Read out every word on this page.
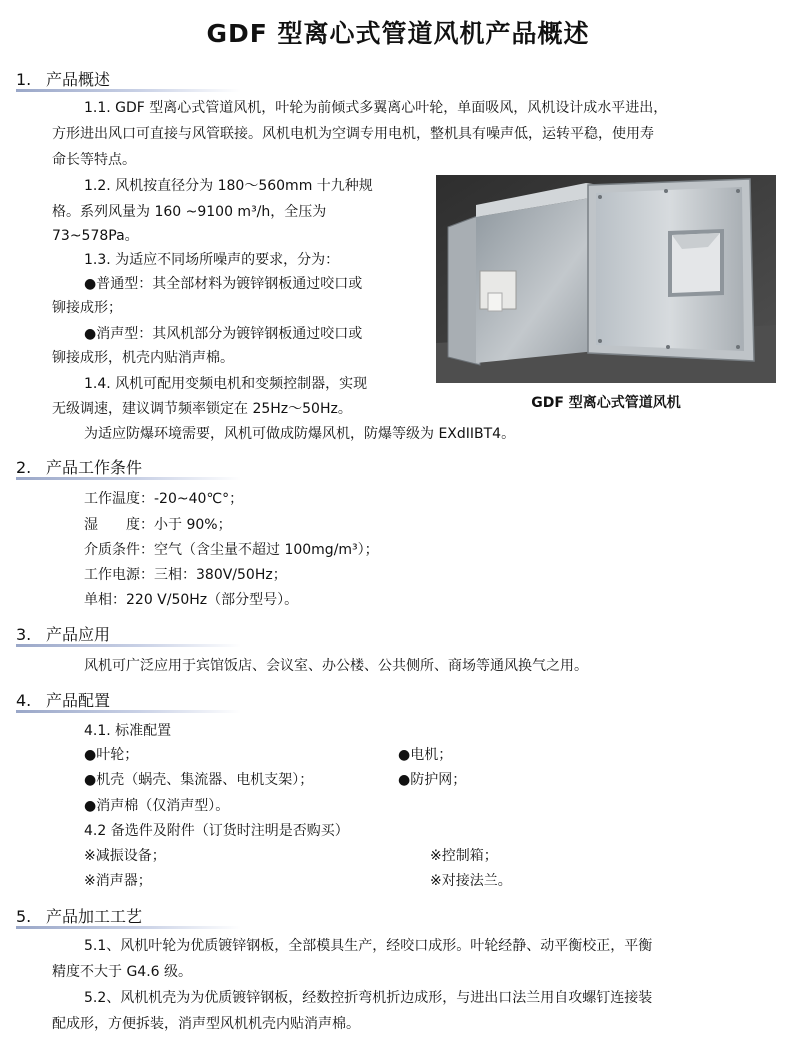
GDF 型离心式管道风机产品概述
1. 产品概述
1.1. GDF 型离心式管道风机，叶轮为前倾式多翼离心叶轮，单面吸风，风机设计成水平进出，
方形进出风口可直接与风管联接。风机电机为空调专用电机，整机具有噪声低，运转平稳，使用寿
命长等特点。
1.2. 风机按直径分为 180～560mm 十九种规
格。系列风量为 160 ~9100 m³/h，全压为
73~578Pa。
1.3. 为适应不同场所噪声的要求，分为：
●普通型：其全部材料为镀锌钢板通过咬口或
铆接成形；
●消声型：其风机部分为镀锌钢板通过咬口或
铆接成形，机壳内贴消声棉。
1.4. 风机可配用变频电机和变频控制器，实现
无级调速，建议调节频率锁定在 25Hz～50Hz。
为适应防爆环境需要，风机可做成防爆风机，防爆等级为 EXdIIBT4。
GDF 型离心式管道风机
2. 产品工作条件
工作温度：-20~40℃°；
湿　　度：小于 90%；
介质条件：空气（含尘量不超过 100mg/m³）；
工作电源：三相：380V/50Hz；
单相：220 V/50Hz（部分型号）。
3. 产品应用
风机可广泛应用于宾馆饭店、会议室、办公楼、公共侧所、商场等通风换气之用。
4. 产品配置
4.1. 标准配置
●叶轮；	●电机；
●机壳（蜗壳、集流器、电机支架）；	●防护网；
●消声棉（仅消声型）。
4.2 备选件及附件（订货时注明是否购买）
※减振设备；	※控制箱；
※消声器；	※对接法兰。
5. 产品加工工艺
5.1、风机叶轮为优质镀锌钢板，全部模具生产，经咬口成形。叶轮经静、动平衡校正，平衡
精度不大于 G4.6 级。
5.2、风机机壳为为优质镀锌钢板，经数控折弯机折边成形，与进出口法兰用自攻螺钉连接装
配成形，方便拆装，消声型风机机壳内贴消声棉。
